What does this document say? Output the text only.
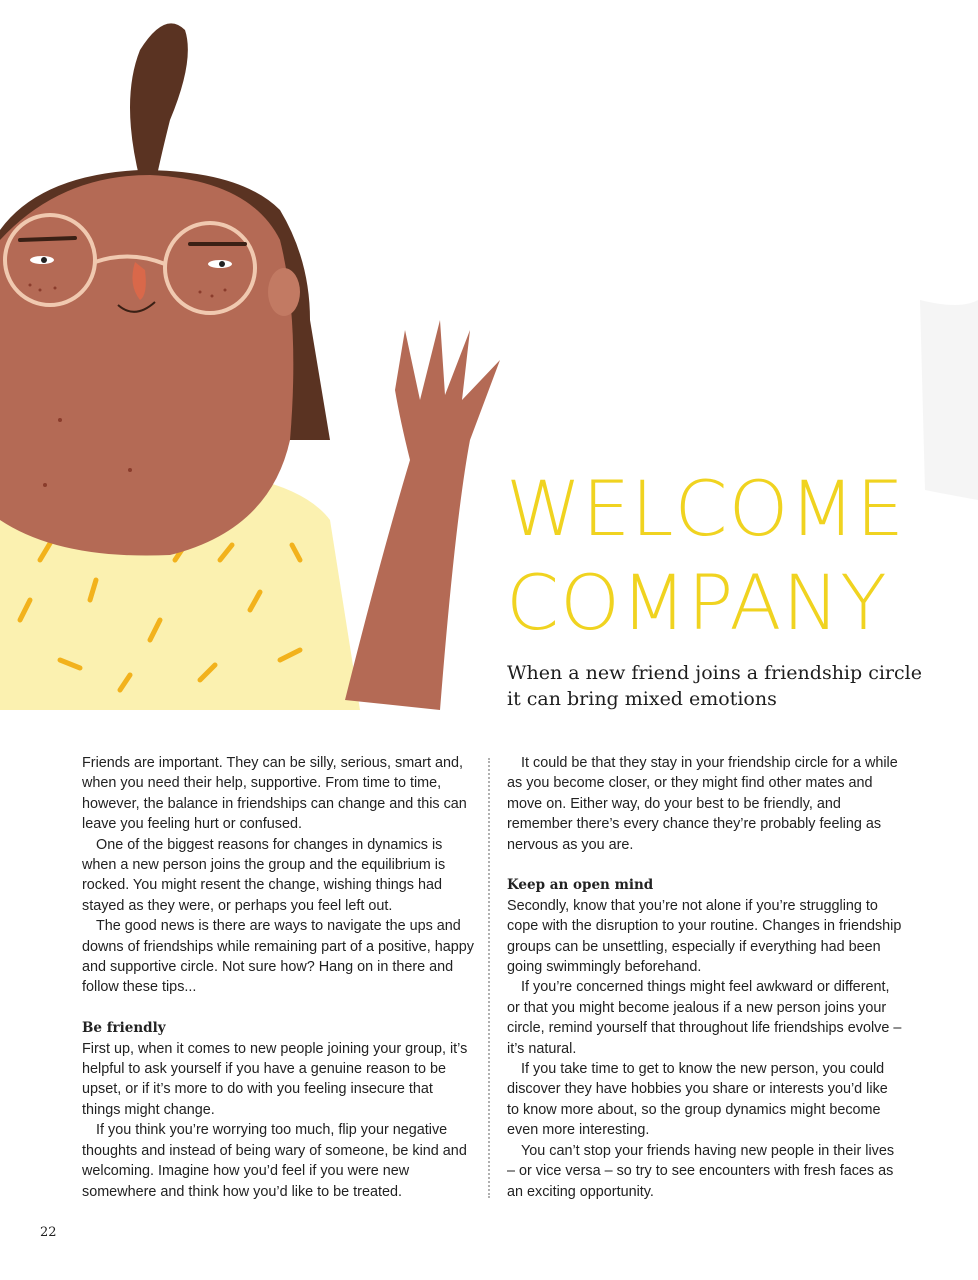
WELCOME
COMPANY

When a new friend joins a friendship circle it can bring mixed emotions

Friends are important. They can be silly, serious, smart and, when you need their help, supportive. From time to time, however, the balance in friendships can change and this can leave you feeling hurt or confused.

One of the biggest reasons for changes in dynamics is when a new person joins the group and the equilibrium is rocked. You might resent the change, wishing things had stayed as they were, or perhaps you feel left out.

The good news is there are ways to navigate the ups and downs of friendships while remaining part of a positive, happy and supportive circle. Not sure how? Hang on in there and follow these tips...

Be friendly

First up, when it comes to new people joining your group, it’s helpful to ask yourself if you have a genuine reason to be upset, or if it’s more to do with you feeling insecure that things might change.

If you think you’re worrying too much, flip your negative thoughts and instead of being wary of someone, be kind and welcoming. Imagine how you’d feel if you were new somewhere and think how you’d like to be treated.

It could be that they stay in your friendship circle for a while as you become closer, or they might find other mates and move on. Either way, do your best to be friendly, and remember there’s every chance they’re probably feeling as nervous as you are.

Keep an open mind

Secondly, know that you’re not alone if you’re struggling to cope with the disruption to your routine. Changes in friendship groups can be unsettling, especially if everything had been going swimmingly beforehand.

If you’re concerned things might feel awkward or different, or that you might become jealous if a new person joins your circle, remind yourself that throughout life friendships evolve – it’s natural.

If you take time to get to know the new person, you could discover they have hobbies you share or interests you’d like to know more about, so the group dynamics might become even more interesting.

You can’t stop your friends having new people in their lives – or vice versa – so try to see encounters with fresh faces as an exciting opportunity.

22
